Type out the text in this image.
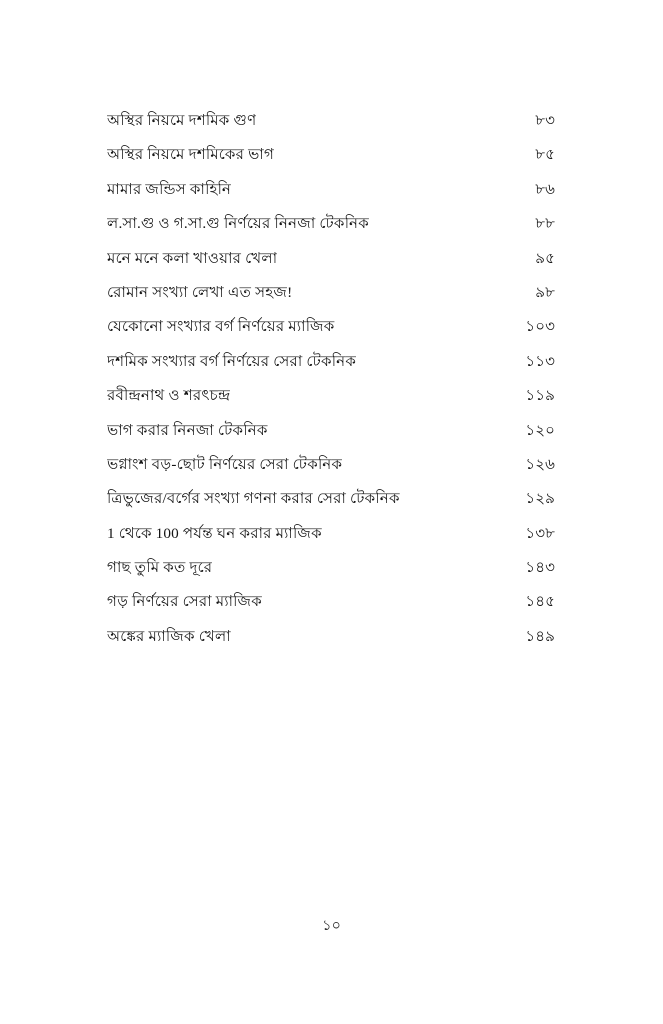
অস্থির নিয়মে দশমিক গুণ	৮৩
অস্থির নিয়মে দশমিকের ভাগ	৮৫
মামার জন্ডিস কাহিনি	৮৬
ল.সা.গু ও গ.সা.গু নির্ণয়ের নিনজা টেকনিক	৮৮
মনে মনে কলা খাওয়ার খেলা	৯৫
রোমান সংখ্যা লেখা এত সহজ!	৯৮
যেকোনো সংখ্যার বর্গ নির্ণয়ের ম্যাজিক	১০৩
দশমিক সংখ্যার বর্গ নির্ণয়ের সেরা টেকনিক	১১৩
রবীন্দ্রনাথ ও শরৎচন্দ্র	১১৯
ভাগ করার নিনজা টেকনিক	১২০
ভগ্নাংশ বড়-ছোট নির্ণয়ের সেরা টেকনিক	১২৬
ত্রিভুজের/বর্গের সংখ্যা গণনা করার সেরা টেকনিক	১২৯
1 থেকে 100 পর্যন্ত ঘন করার ম্যাজিক	১৩৮
গাছ তুমি কত দূরে	১৪৩
গড় নির্ণয়ের সেরা ম্যাজিক	১৪৫
অঙ্কের ম্যাজিক খেলা	১৪৯
১০
